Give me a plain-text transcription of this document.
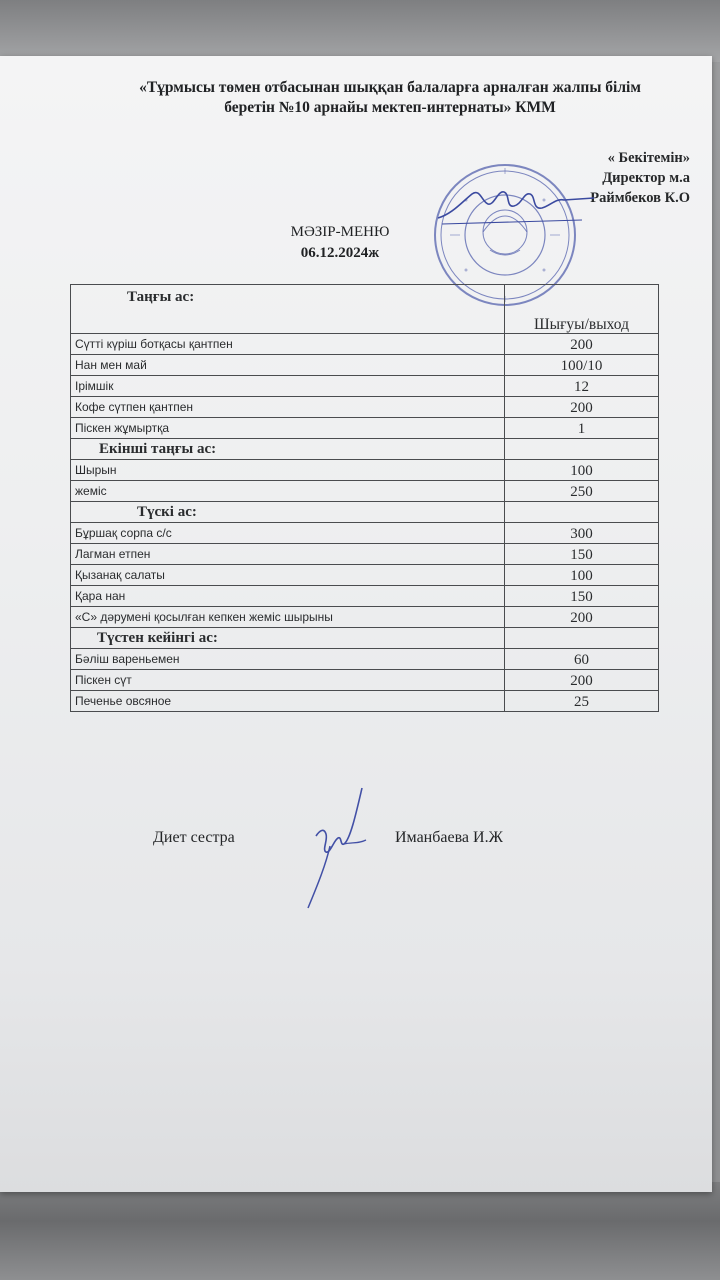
«Тұрмысы төмен отбасынан шыққан балаларға арналған жалпы білім
беретін №10 арнайы мектеп-интернаты» КММ
« Бекітемін»
Директор м.а
Раймбеков К.О
МӘЗІР-МЕНЮ
06.12.2024ж
Таңғы ас:	Шығуы/выход
Сүтті күріш ботқасы қантпен	200
Нан мен май	100/10
Ірімшік	12
Кофе сүтпен қантпен	200
Піскен жұмыртқа	1
Екінші таңғы ас:	
Шырын	100
жеміс	250
Түскі ас:	
Бұршақ сорпа с/с	300
Лагман етпен	150
Қызанақ салаты	100
Қара нан	150
«С» дәрумені қосылған кепкен жеміс шырыны	200
Түстен кейінгі ас:	
Бәліш вареньемен	60
Піскен сүт	200
Печенье овсяное	25
Диет сестра	Иманбаева И.Ж
